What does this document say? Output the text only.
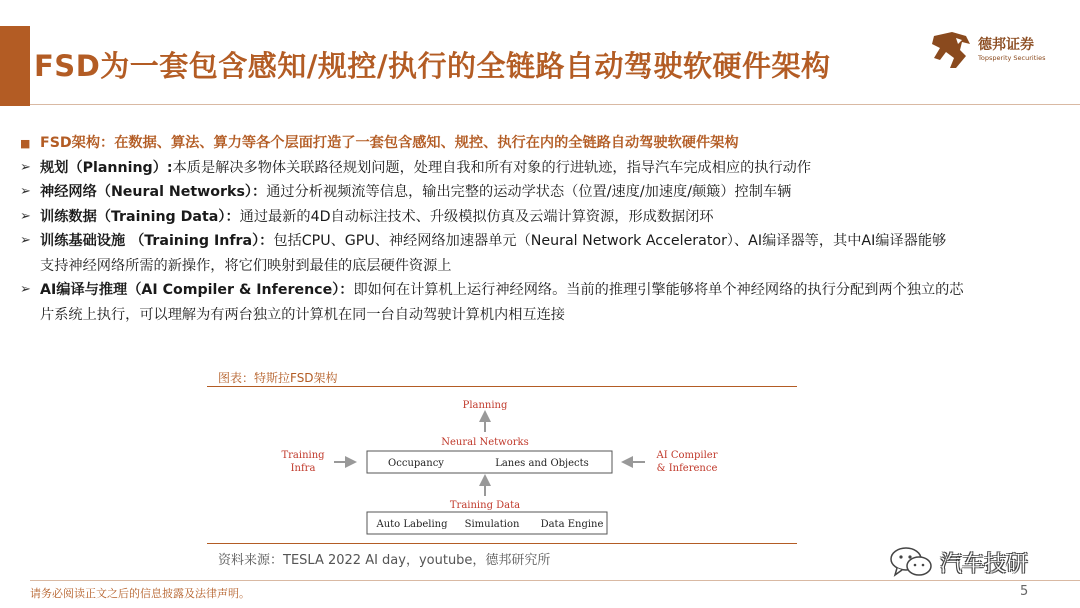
FSD为一套包含感知/规控/执行的全链路自动驾驶软硬件架构
德邦证券
Topsperity Securities
■ FSD架构：在数据、算法、算力等各个层面打造了一套包含感知、规控、执行在内的全链路自动驾驶软硬件架构
➢ 规划（Planning）:本质是解决多物体关联路径规划问题，处理自我和所有对象的行进轨迹，指导汽车完成相应的执行动作
➢ 神经网络（Neural Networks）：通过分析视频流等信息，输出完整的运动学状态（位置/速度/加速度/颠簸）控制车辆
➢ 训练数据（Training Data）：通过最新的4D自动标注技术、升级模拟仿真及云端计算资源，形成数据闭环
➢ 训练基础设施 （Training Infra）：包括CPU、GPU、神经网络加速器单元（Neural Network Accelerator）、AI编译器等，其中AI编译器能够
支持神经网络所需的新操作，将它们映射到最佳的底层硬件资源上
➢ AI编译与推理（AI Compiler & Inference）：即如何在计算机上运行神经网络。当前的推理引擎能够将单个神经网络的执行分配到两个独立的芯
片系统上执行，可以理解为有两台独立的计算机在同一台自动驾驶计算机内相互连接
图表：特斯拉FSD架构
Planning
Neural Networks
Occupancy	Lanes and Objects
Training
Infra
AI Compiler
& Inference
Training Data
Auto Labeling Simulation Data Engine
资料来源：TESLA 2022 AI day，youtube，德邦研究所	汽车技研
请务必阅读正文之后的信息披露及法律声明。	5
